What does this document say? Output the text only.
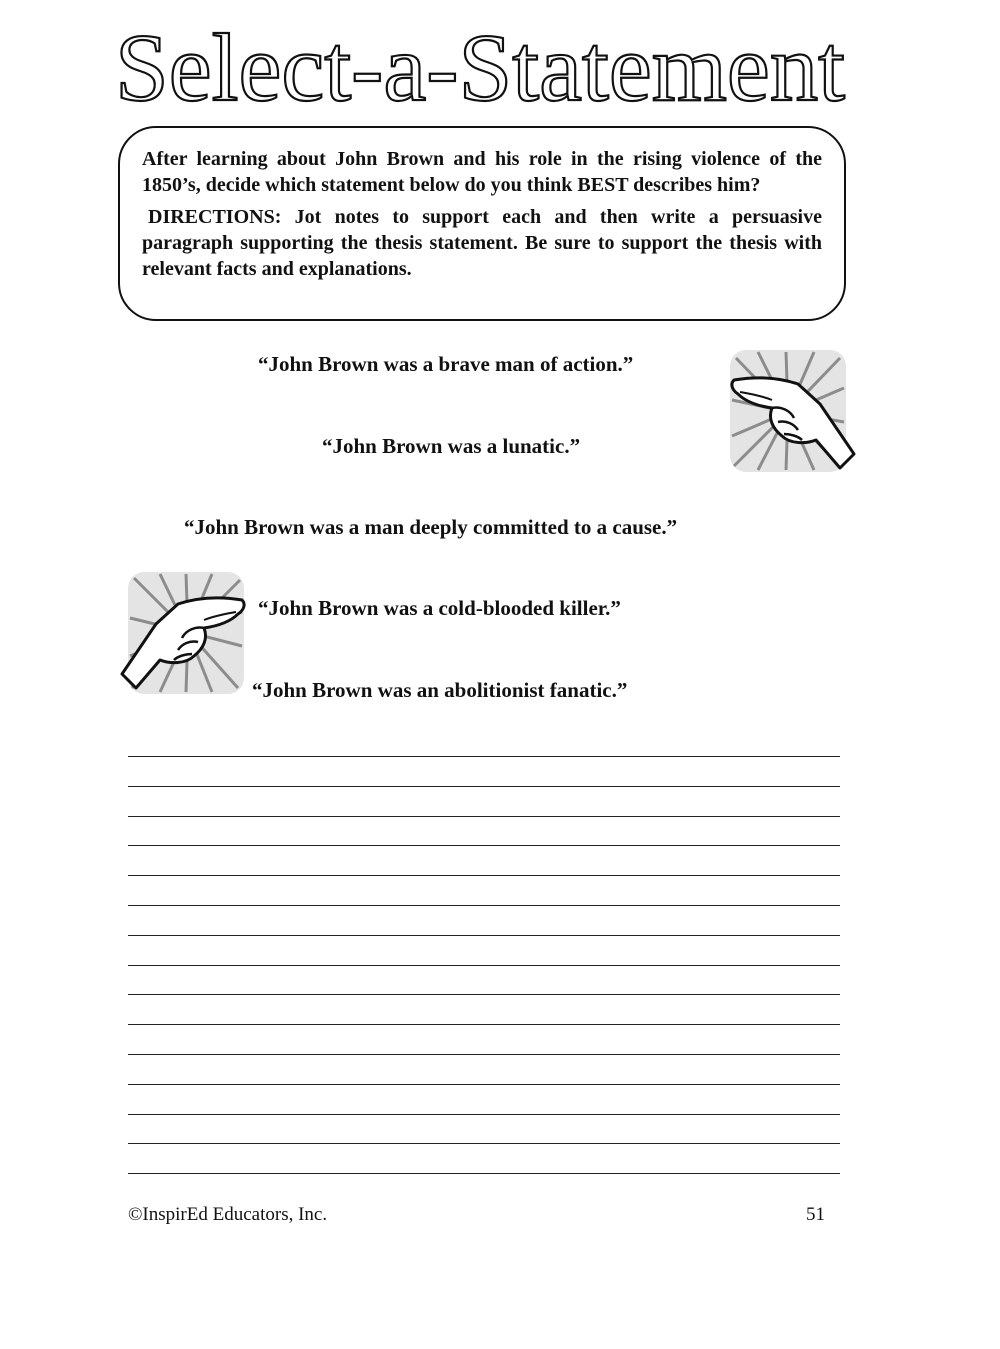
Select-a-Statement

After learning about John Brown and his role in the rising violence of the 1850’s, decide which statement below do you think BEST describes him?

DIRECTIONS: Jot notes to support each and then write a persuasive paragraph supporting the thesis statement. Be sure to support the thesis with relevant facts and explanations.

“John Brown was a brave man of action.”
“John Brown was a lunatic.”
“John Brown was a man deeply committed to a cause.”
“John Brown was a cold-blooded killer.”
“John Brown was an abolitionist fanatic.”
©InspirEd Educators, Inc.	51
